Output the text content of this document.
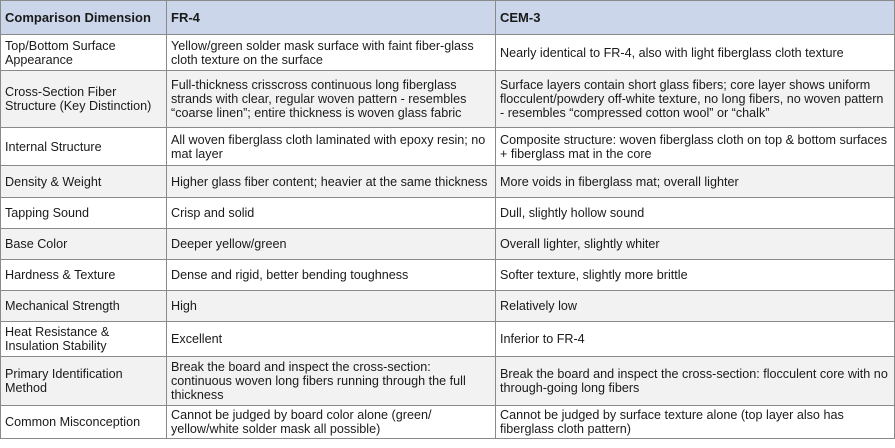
Comparison Dimension	FR-4	CEM-3
Top/Bottom Surface Appearance	Yellow/green solder mask surface with faint fiber-glass cloth texture on the surface	Nearly identical to FR-4, also with light fiberglass cloth texture
Cross-Section Fiber Structure (Key Distinction)	Full-thickness crisscross continuous long fiberglass strands with clear, regular woven pattern - resembles “coarse linen”; entire thickness is woven glass fabric	Surface layers contain short glass fibers; core layer shows uniform flocculent/powdery off-white texture, no long fibers, no woven pattern - resembles “compressed cotton wool” or “chalk”
Internal Structure	All woven fiberglass cloth laminated with epoxy resin; no mat layer	Composite structure: woven fiberglass cloth on top & bottom surfaces + fiberglass mat in the core
Density & Weight	Higher glass fiber content; heavier at the same thickness	More voids in fiberglass mat; overall lighter
Tapping Sound	Crisp and solid	Dull, slightly hollow sound
Base Color	Deeper yellow/green	Overall lighter, slightly whiter
Hardness & Texture	Dense and rigid, better bending toughness	Softer texture, slightly more brittle
Mechanical Strength	High	Relatively low
Heat Resistance & Insulation Stability	Excellent	Inferior to FR-4
Primary Identification Method	Break the board and inspect the cross-section: continuous woven long fibers running through the full thickness	Break the board and inspect the cross-section: flocculent core with no through-going long fibers
Common Misconception	Cannot be judged by board color alone (green/ yellow/white solder mask all possible)	Cannot be judged by surface texture alone (top layer also has fiberglass cloth pattern)
